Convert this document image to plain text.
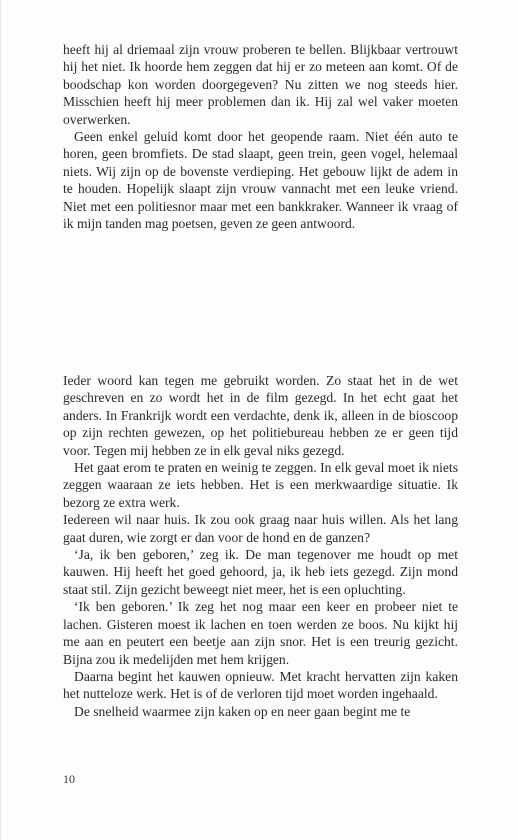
heeft hij al driemaal zijn vrouw proberen te bellen. Blijkbaar vertrouwt hij het niet. Ik hoorde hem zeggen dat hij er zo meteen aan komt. Of de boodschap kon worden doorgegeven? Nu zitten we nog steeds hier. Misschien heeft hij meer problemen dan ik. Hij zal wel vaker moeten overwerken.

Geen enkel geluid komt door het geopende raam. Niet één auto te horen, geen bromfiets. De stad slaapt, geen trein, geen vogel, helemaal niets. Wij zijn op de bovenste verdieping. Het gebouw lijkt de adem in te houden. Hopelijk slaapt zijn vrouw vannacht met een leuke vriend. Niet met een politiesnor maar met een bankkraker. Wanneer ik vraag of ik mijn tanden mag poetsen, geven ze geen antwoord.

Ieder woord kan tegen me gebruikt worden. Zo staat het in de wet geschreven en zo wordt het in de film gezegd. In het echt gaat het anders. In Frankrijk wordt een verdachte, denk ik, alleen in de bioscoop op zijn rechten gewezen, op het politiebureau hebben ze er geen tijd voor. Tegen mij hebben ze in elk geval niks gezegd.

Het gaat erom te praten en weinig te zeggen. In elk geval moet ik niets zeggen waaraan ze iets hebben. Het is een merkwaardige situatie. Ik bezorg ze extra werk.

Iedereen wil naar huis. Ik zou ook graag naar huis willen. Als het lang gaat duren, wie zorgt er dan voor de hond en de ganzen?

‘Ja, ik ben geboren,’ zeg ik. De man tegenover me houdt op met kauwen. Hij heeft het goed gehoord, ja, ik heb iets gezegd. Zijn mond staat stil. Zijn gezicht beweegt niet meer, het is een opluchting.

‘Ik ben geboren.’ Ik zeg het nog maar een keer en probeer niet te lachen. Gisteren moest ik lachen en toen werden ze boos. Nu kijkt hij me aan en peutert een beetje aan zijn snor. Het is een treurig gezicht. Bijna zou ik medelijden met hem krijgen.

Daarna begint het kauwen opnieuw. Met kracht hervatten zijn kaken het nutteloze werk. Het is of de verloren tijd moet worden ingehaald.

De snelheid waarmee zijn kaken op en neer gaan begint me te

10
